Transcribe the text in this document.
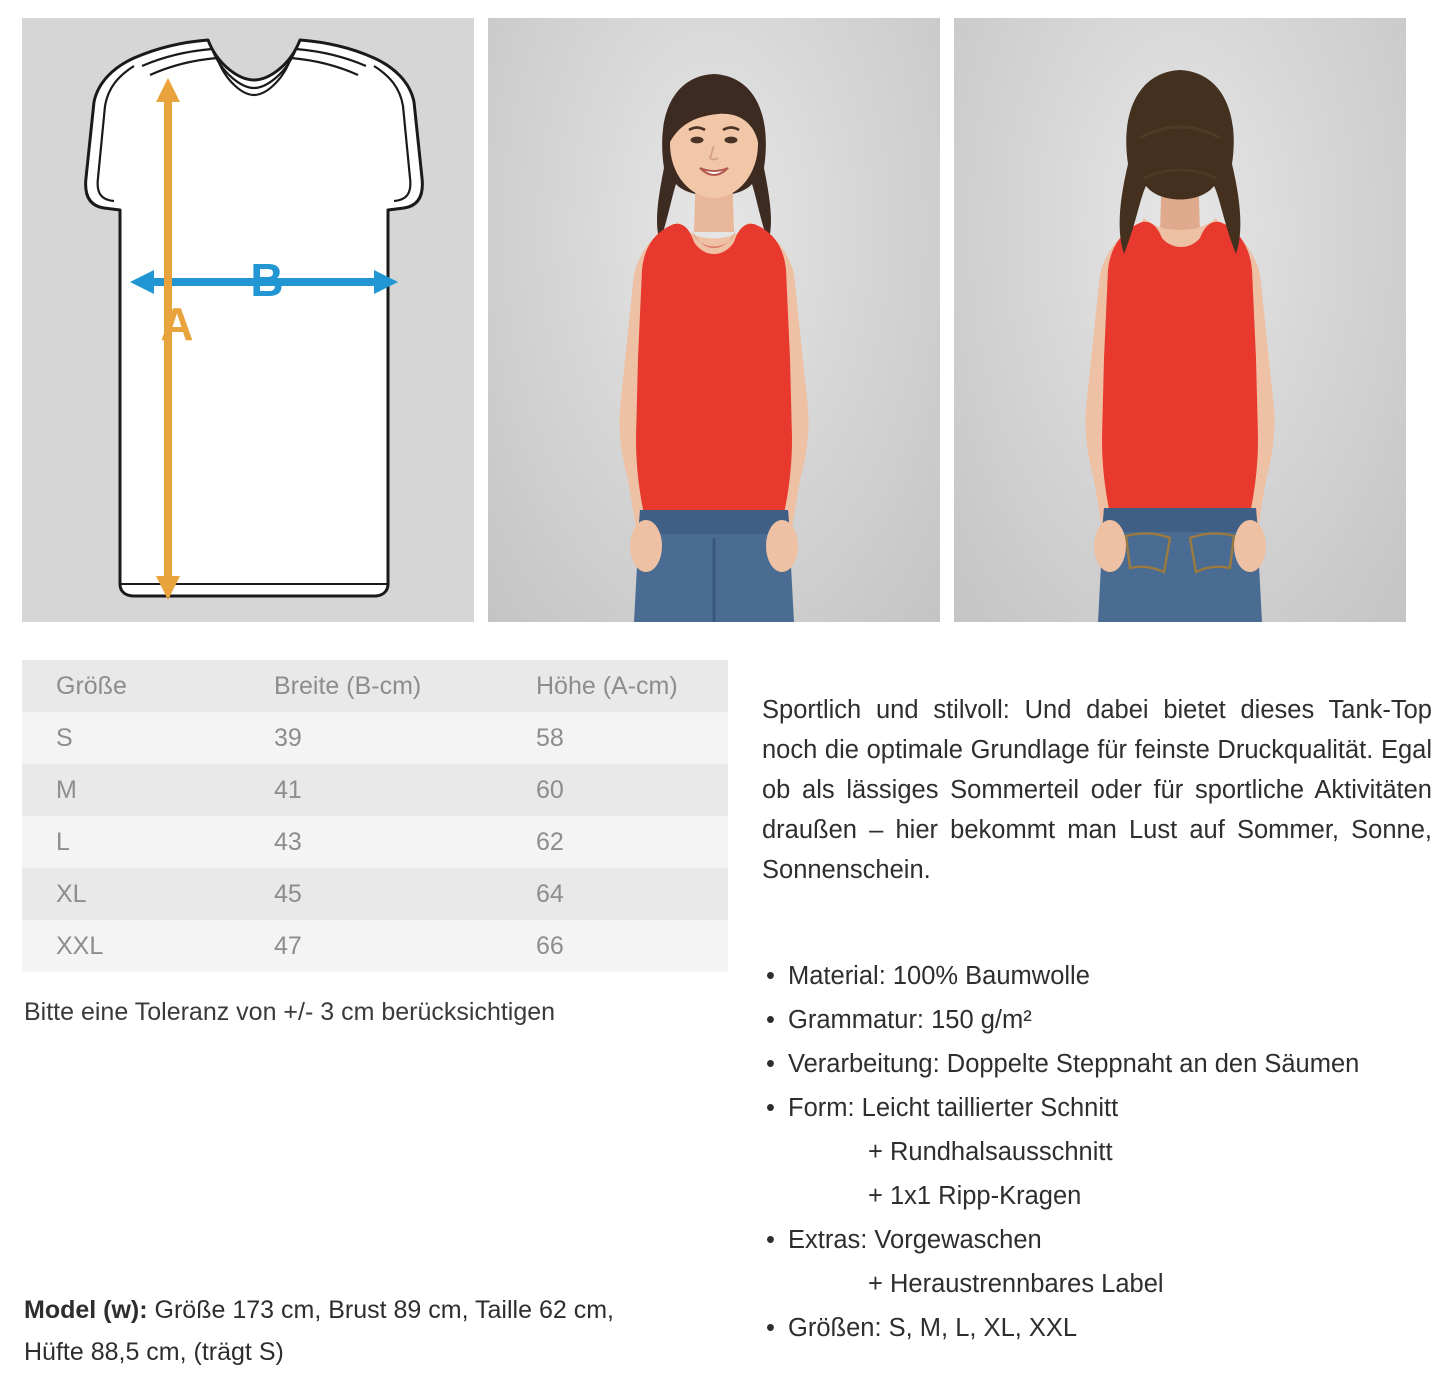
B
A
Größe	Breite (B-cm)	Höhe (A-cm)
S	39	58
M	41	60
L	43	62
XL	45	64
XXL	47	66
Bitte eine Toleranz von +/- 3 cm berücksichtigen

Sportlich und stilvoll: Und dabei bietet dieses Tank-Top noch die optimale Grundlage für feinste Druckqualität. Egal ob als lässiges Sommerteil oder für sportliche Aktivitäten draußen – hier bekommt man Lust auf Sommer, Sonne, Sonnenschein.

• Material: 100% Baumwolle
• Grammatur: 150 g/m²
• Verarbeitung: Doppelte Steppnaht an den Säumen
• Form: Leicht taillierter Schnitt
+ Rundhalsausschnitt
+ 1x1 Ripp-Kragen
• Extras: Vorgewaschen
+ Heraustrennbares Label
• Größen: S, M, L, XL, XXL
Model (w): Größe 173 cm, Brust 89 cm, Taille 62 cm,
Hüfte 88,5 cm, (trägt S)
